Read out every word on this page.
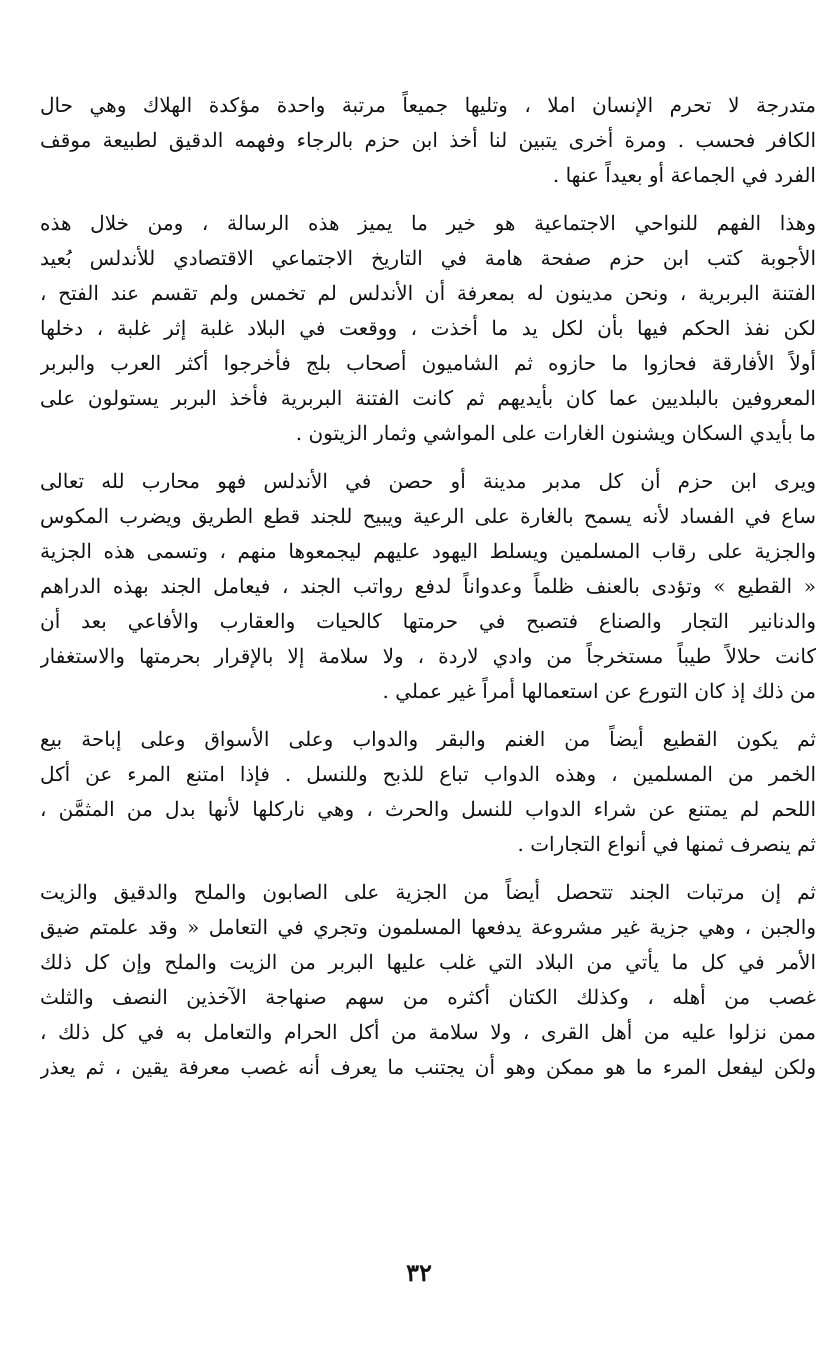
متدرجة لا تحرم الإنسان املا ، وتليها جميعاً مرتبة واحدة مؤكدة الهلاك وهي حال
الكافر فحسب . ومرة أخرى يتبين لنا أخذ ابن حزم بالرجاء وفهمه الدقيق لطبيعة موقف
الفرد في الجماعة أو بعيداً عنها .
وهذا الفهم للنواحي الاجتماعية هو خير ما يميز هذه الرسالة ، ومن خلال هذه
الأجوبة كتب ابن حزم صفحة هامة في التاريخ الاجتماعي الاقتصادي للأندلس بُعيد
الفتنة البربرية ، ونحن مدينون له بمعرفة أن الأندلس لم تخمس ولم تقسم عند الفتح ،
لكن نفذ الحكم فيها بأن لكل يد ما أخذت ، ووقعت في البلاد غلبة إثر غلبة ، دخلها
أولاً الأفارقة فحازوا ما حازوه ثم الشاميون أصحاب بلج فأخرجوا أكثر العرب والبربر
المعروفين بالبلديين عما كان بأيديهم ثم كانت الفتنة البربرية فأخذ البربر يستولون على
ما بأيدي السكان ويشنون الغارات على المواشي وثمار الزيتون .
ويرى ابن حزم أن كل مدبر مدينة أو حصن في الأندلس فهو محارب لله تعالى
ساع في الفساد لأنه يسمح بالغارة على الرعية ويبيح للجند قطع الطريق ويضرب المكوس
والجزية على رقاب المسلمين ويسلط اليهود عليهم ليجمعوها منهم ، وتسمى هذه الجزية
« القطيع » وتؤدى بالعنف ظلماً وعدواناً لدفع رواتب الجند ، فيعامل الجند بهذه الدراهم
والدنانير التجار والصناع فتصبح في حرمتها كالحيات والعقارب والأفاعي بعد أن
كانت حلالاً طيباً مستخرجاً من وادي لاردة ، ولا سلامة إلا بالإقرار بحرمتها والاستغفار
من ذلك إذ كان التورع عن استعمالها أمراً غير عملي .
ثم يكون القطيع أيضاً من الغنم والبقر والدواب وعلى الأسواق وعلى إباحة بيع
الخمر من المسلمين ، وهذه الدواب تباع للذبح وللنسل . فإذا امتنع المرء عن أكل
اللحم لم يمتنع عن شراء الدواب للنسل والحرث ، وهي ناركلها لأنها بدل من المثمَّن ،
ثم ينصرف ثمنها في أنواع التجارات .
ثم إن مرتبات الجند تتحصل أيضاً من الجزية على الصابون والملح والدقيق والزيت
والجبن ، وهي جزية غير مشروعة يدفعها المسلمون وتجري في التعامل « وقد علمتم ضيق
الأمر في كل ما يأتي من البلاد التي غلب عليها البربر من الزيت والملح وإن كل ذلك
غصب من أهله ، وكذلك الكتان أكثره من سهم صنهاجة الآخذين النصف والثلث
ممن نزلوا عليه من أهل القرى ، ولا سلامة من أكل الحرام والتعامل به في كل ذلك ،
ولكن ليفعل المرء ما هو ممكن وهو أن يجتنب ما يعرف أنه غصب معرفة يقين ، ثم يعذر
٣٢
